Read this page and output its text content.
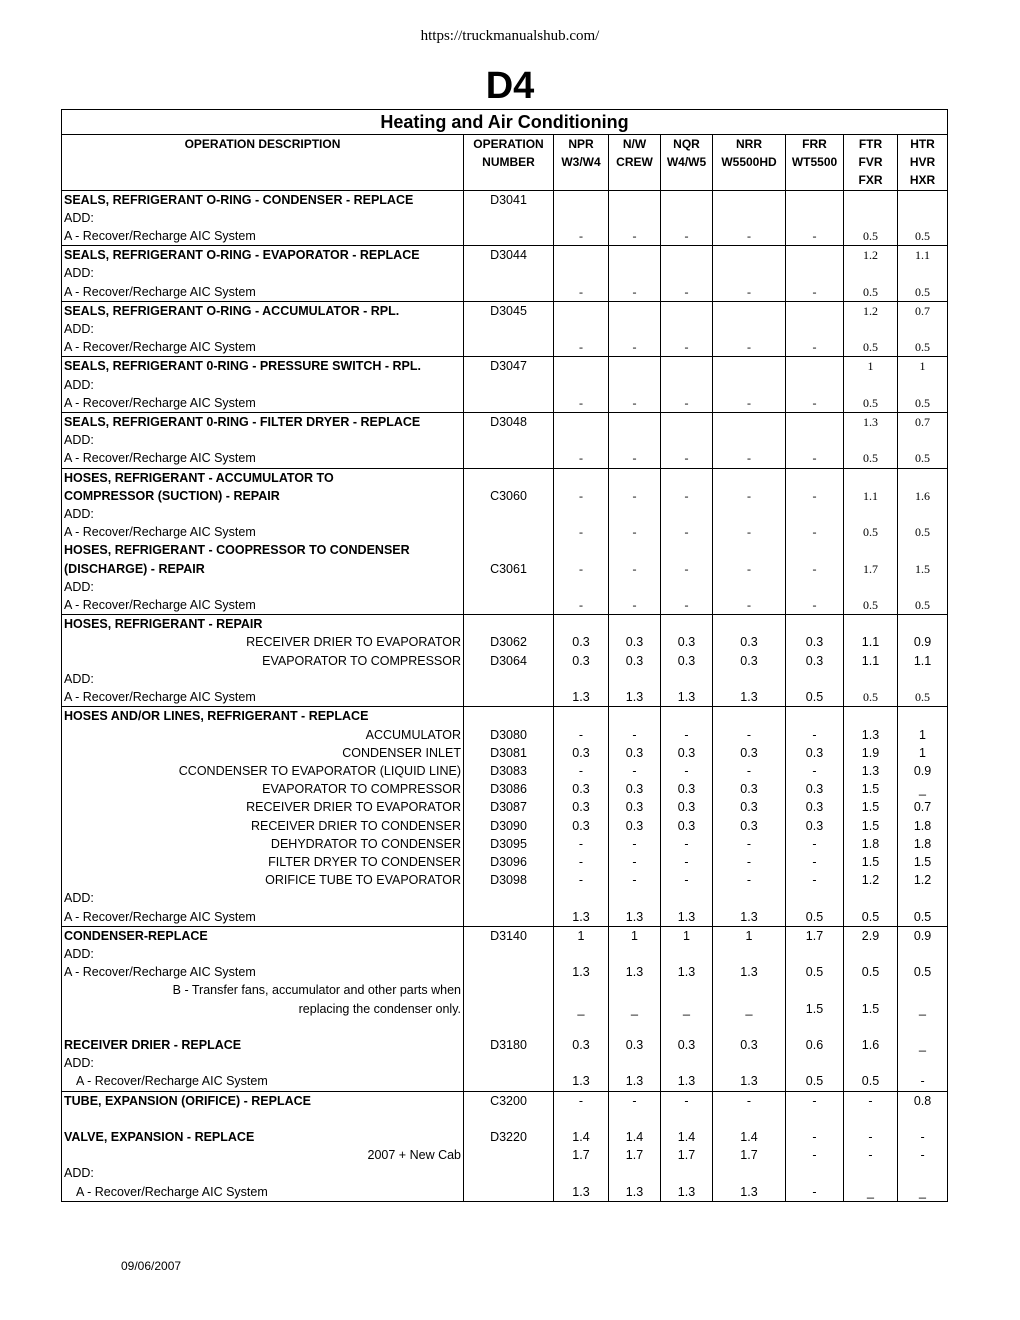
https://truckmanualshub.com/
D4
Heating and Air Conditioning								
OPERATION DESCRIPTION	OPERATION	NPR	N/W	NQR	NRR	FRR	FTR	HTR
	NUMBER	W3/W4	CREW	W4/W5	W5500HD	WT5500	FVR	HVR
							FXR	HXR
SEALS, REFRIGERANT O-RING - CONDENSER - REPLACE	D3041							
ADD:								
A - Recover/Recharge AIC System		-	-	-	-	-	0.5	0.5
SEALS, REFRIGERANT O-RING - EVAPORATOR - REPLACE	D3044						1.2	1.1
ADD:								
A - Recover/Recharge AIC System		-	-	-	-	-	0.5	0.5
SEALS, REFRIGERANT O-RING - ACCUMULATOR - RPL.	D3045						1.2	0.7
ADD:								
A - Recover/Recharge AIC System		-	-	-	-	-	0.5	0.5
SEALS, REFRIGERANT 0-RING - PRESSURE SWITCH - RPL.	D3047						1	1
ADD:								
A - Recover/Recharge AIC System		-	-	-	-	-	0.5	0.5
SEALS, REFRIGERANT 0-RING - FILTER DRYER - REPLACE	D3048						1.3	0.7
ADD:								
A - Recover/Recharge AIC System		-	-	-	-	-	0.5	0.5
HOSES, REFRIGERANT - ACCUMULATOR TO								
COMPRESSOR (SUCTION) - REPAIR	C3060	-	-	-	-	-	1.1	1.6
ADD:								
A - Recover/Recharge AIC System		-	-	-	-	-	0.5	0.5
HOSES, REFRIGERANT - COOPRESSOR TO CONDENSER								
(DISCHARGE) - REPAIR	C3061	-	-	-	-	-	1.7	1.5
ADD:								
A - Recover/Recharge AIC System		-	-	-	-	-	0.5	0.5
HOSES, REFRIGERANT - REPAIR								
RECEIVER DRIER TO EVAPORATOR	D3062	0.3	0.3	0.3	0.3	0.3	1.1	0.9
EVAPORATOR TO COMPRESSOR	D3064	0.3	0.3	0.3	0.3	0.3	1.1	1.1
ADD:								
A - Recover/Recharge AIC System		1.3	1.3	1.3	1.3	0.5	0.5	0.5
HOSES AND/OR LINES, REFRIGERANT - REPLACE								
ACCUMULATOR	D3080	-	-	-	-	-	1.3	1
CONDENSER INLET	D3081	0.3	0.3	0.3	0.3	0.3	1.9	1
CCONDENSER TO EVAPORATOR (LIQUID LINE)	D3083	-	-	-	-	-	1.3	0.9
EVAPORATOR TO COMPRESSOR	D3086	0.3	0.3	0.3	0.3	0.3	1.5	_
RECEIVER DRIER TO EVAPORATOR	D3087	0.3	0.3	0.3	0.3	0.3	1.5	0.7
RECEIVER DRIER TO CONDENSER	D3090	0.3	0.3	0.3	0.3	0.3	1.5	1.8
DEHYDRATOR TO CONDENSER	D3095	-	-	-	-	-	1.8	1.8
FILTER DRYER TO CONDENSER	D3096	-	-	-	-	-	1.5	1.5
ORIFICE TUBE TO EVAPORATOR	D3098	-	-	-	-	-	1.2	1.2
ADD:								
A - Recover/Recharge AIC System		1.3	1.3	1.3	1.3	0.5	0.5	0.5
CONDENSER-REPLACE	D3140	1	1	1	1	1.7	2.9	0.9
ADD:								
A - Recover/Recharge AIC System		1.3	1.3	1.3	1.3	0.5	0.5	0.5
B - Transfer fans, accumulator and other parts when								
replacing the condenser only.		_	_	_	_	1.5	1.5	_

RECEIVER DRIER - REPLACE	D3180	0.3	0.3	0.3	0.3	0.6	1.6	_
ADD:								
A - Recover/Recharge AIC System		1.3	1.3	1.3	1.3	0.5	0.5	-
TUBE, EXPANSION (ORIFICE) - REPLACE	C3200	-	-	-	-	-	-	0.8

VALVE, EXPANSION - REPLACE	D3220	1.4	1.4	1.4	1.4	-	-	-
2007 + New Cab		1.7	1.7	1.7	1.7	-	-	-
ADD:								
A - Recover/Recharge AIC System		1.3	1.3	1.3	1.3	-	_	_
09/06/2007
